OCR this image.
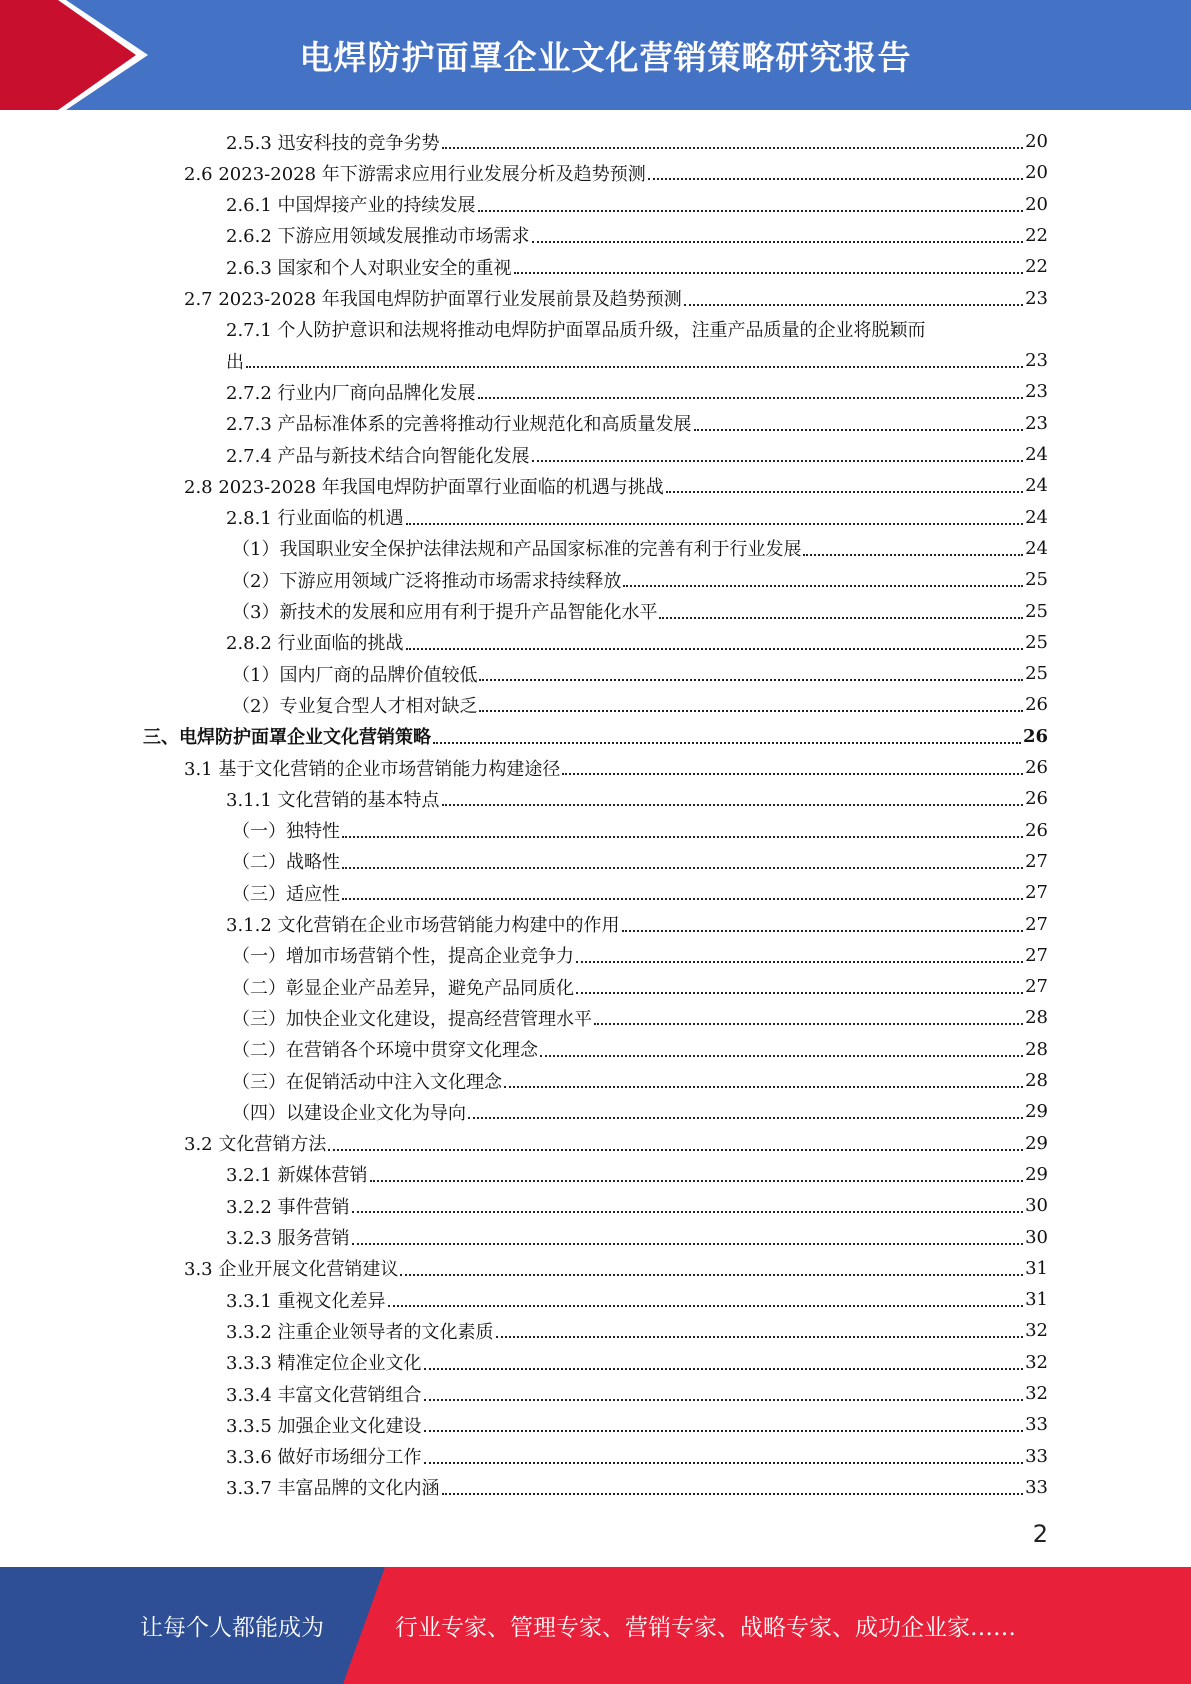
电焊防护面罩企业文化营销策略研究报告
2.5.3 迅安科技的竞争劣势	20
2.6 2023-2028 年下游需求应用行业发展分析及趋势预测	20
2.6.1 中国焊接产业的持续发展	20
2.6.2 下游应用领域发展推动市场需求	22
2.6.3 国家和个人对职业安全的重视	22
2.7 2023-2028 年我国电焊防护面罩行业发展前景及趋势预测	23
2.7.1 个人防护意识和法规将推动电焊防护面罩品质升级，注重产品质量的企业将脱颖而
出	23
2.7.2 行业内厂商向品牌化发展	23
2.7.3 产品标准体系的完善将推动行业规范化和高质量发展	23
2.7.4 产品与新技术结合向智能化发展	24
2.8 2023-2028 年我国电焊防护面罩行业面临的机遇与挑战	24
2.8.1 行业面临的机遇	24
（1）我国职业安全保护法律法规和产品国家标准的完善有利于行业发展	24
（2）下游应用领域广泛将推动市场需求持续释放	25
（3）新技术的发展和应用有利于提升产品智能化水平	25
2.8.2 行业面临的挑战	25
（1）国内厂商的品牌价值较低	25
（2）专业复合型人才相对缺乏	26
三、电焊防护面罩企业文化营销策略	26
3.1 基于文化营销的企业市场营销能力构建途径	26
3.1.1 文化营销的基本特点	26
（一）独特性	26
（二）战略性	27
（三）适应性	27
3.1.2 文化营销在企业市场营销能力构建中的作用	27
（一）增加市场营销个性，提高企业竞争力	27
（二）彰显企业产品差异，避免产品同质化	27
（三）加快企业文化建设，提高经营管理水平	28
（二）在营销各个环境中贯穿文化理念	28
（三）在促销活动中注入文化理念	28
（四）以建设企业文化为导向	29
3.2 文化营销方法	29
3.2.1 新媒体营销	29
3.2.2 事件营销	30
3.2.3 服务营销	30
3.3 企业开展文化营销建议	31
3.3.1 重视文化差异	31
3.3.2 注重企业领导者的文化素质	32
3.3.3 精准定位企业文化	32
3.3.4 丰富文化营销组合	32
3.3.5 加强企业文化建设	33
3.3.6 做好市场细分工作	33
3.3.7 丰富品牌的文化内涵	33
2
让每个人都能成为	行业专家、管理专家、营销专家、战略专家、成功企业家……
